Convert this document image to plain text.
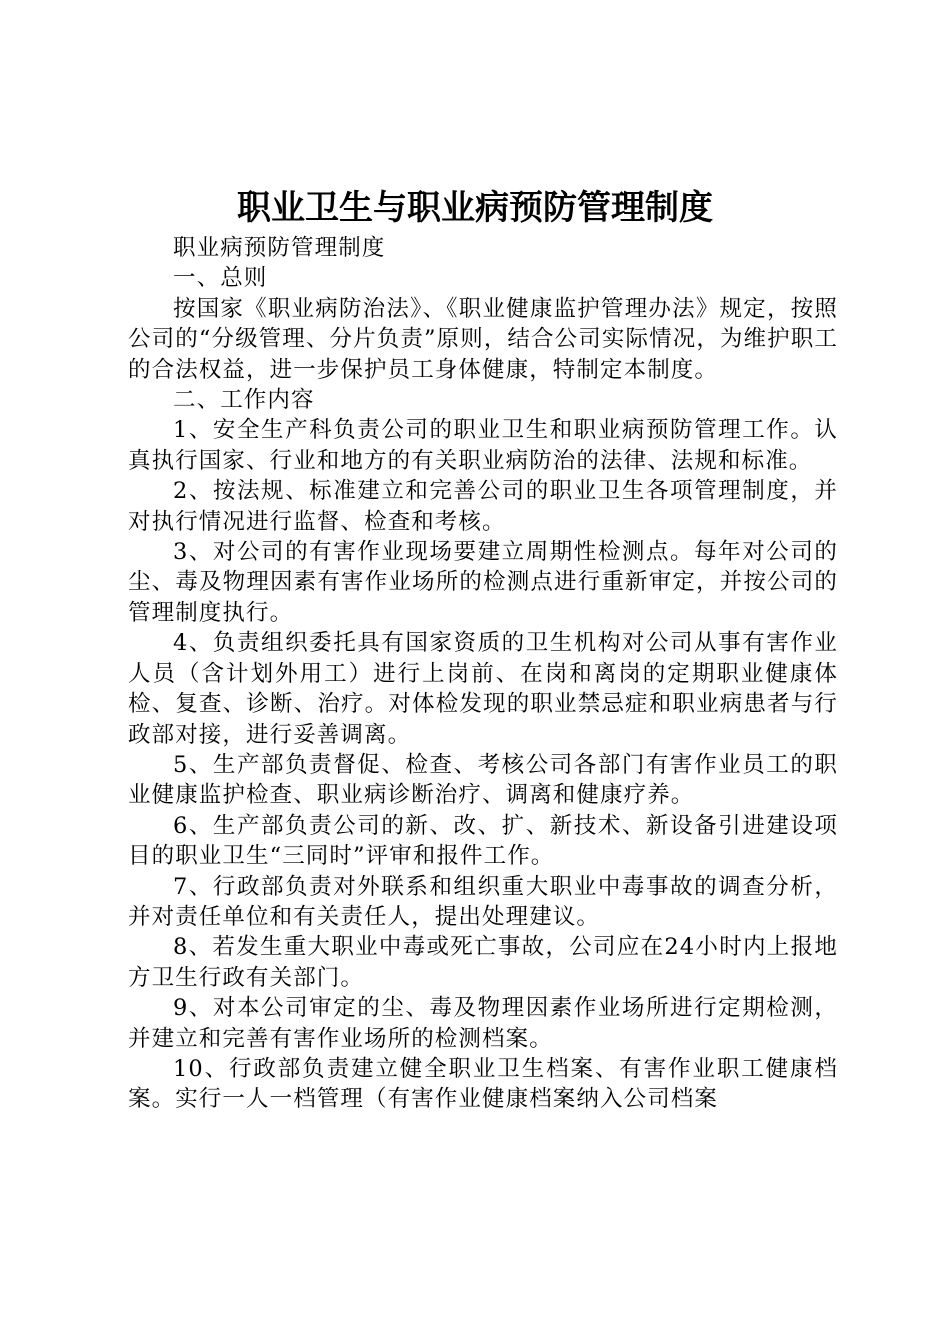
职业卫生与职业病预防管理制度

职业病预防管理制度

一、总则

按国家《职业病防治法》、《职业健康监护管理办法》规定，按照公司的“分级管理、分片负责”原则，结合公司实际情况，为维护职工的合法权益，进一步保护员工身体健康，特制定本制度。

二、工作内容

1、安全生产科负责公司的职业卫生和职业病预防管理工作。认真执行国家、行业和地方的有关职业病防治的法律、法规和标准。

2、按法规、标准建立和完善公司的职业卫生各项管理制度，并对执行情况进行监督、检查和考核。

3、对公司的有害作业现场要建立周期性检测点。每年对公司的尘、毒及物理因素有害作业场所的检测点进行重新审定，并按公司的管理制度执行。

4、负责组织委托具有国家资质的卫生机构对公司从事有害作业人员（含计划外用工）进行上岗前、在岗和离岗的定期职业健康体检、复查、诊断、治疗。对体检发现的职业禁忌症和职业病患者与行政部对接，进行妥善调离。

5、生产部负责督促、检查、考核公司各部门有害作业员工的职业健康监护检查、职业病诊断治疗、调离和健康疗养。

6、生产部负责公司的新、改、扩、新技术、新设备引进建设项目的职业卫生“三同时”评审和报件工作。

7、行政部负责对外联系和组织重大职业中毒事故的调查分析，并对责任单位和有关责任人，提出处理建议。

8、若发生重大职业中毒或死亡事故，公司应在24小时内上报地方卫生行政有关部门。

9、对本公司审定的尘、毒及物理因素作业场所进行定期检测，并建立和完善有害作业场所的检测档案。

10、行政部负责建立健全职业卫生档案、有害作业职工健康档案。实行一人一档管理（有害作业健康档案纳入公司档案
